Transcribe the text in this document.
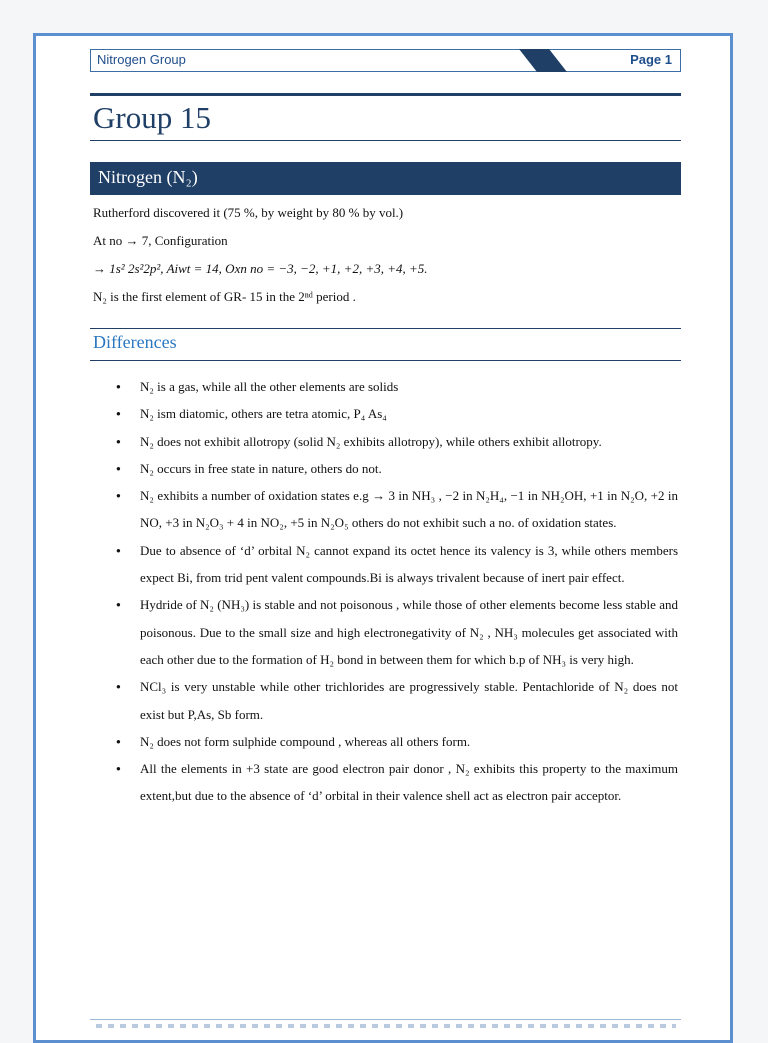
Nitrogen Group	Page 1
Group 15
Nitrogen (N₂)
Rutherford discovered it (75 %, by weight by 80 % by vol.)
At no → 7, Configuration
→ 1s² 2s²2p², Aiwt = 14, Oxn no = −3, −2, +1, +2, +3, +4, +5.
N₂ is the first element of GR- 15 in the 2ⁿᵈ period .
Differences
● N₂ is a gas, while all the other elements are solids
● N₂ ism diatomic, others are tetra atomic, P₄ As₄
● N₂ does not exhibit allotropy (solid N₂ exhibits allotropy), while others exhibit allotropy.
● N₂ occurs in free state in nature, others do not.
● N₂ exhibits a number of oxidation states e.g → 3 in NH₃ , −2 in N₂H₄, −1 in NH₂OH, +1 in N₂O, +2 in NO, +3 in N₂O₃ + 4 in NO₂, +5 in N₂O₅ others do not exhibit such a no. of oxidation states.
● Due to absence of ‘d’ orbital N₂ cannot expand its octet hence its valency is 3, while others members expect Bi, from trid pent valent compounds.Bi is always trivalent because of inert pair effect.
● Hydride of N₂ (NH₃) is stable and not poisonous , while those of other elements become less stable and poisonous. Due to the small size and high electronegativity of N₂ , NH₃ molecules get associated with each other due to the formation of H₂ bond in between them for which b.p of NH₃ is very high.
● NCl₃ is very unstable while other trichlorides are progressively stable. Pentachloride of N₂ does not exist but P,As, Sb form.
● N₂ does not form sulphide compound , whereas all others form.
● All the elements in +3 state are good electron pair donor , N₂ exhibits this property to the maximum extent,but due to the absence of ‘d’ orbital in their valence shell act as electron pair acceptor.
